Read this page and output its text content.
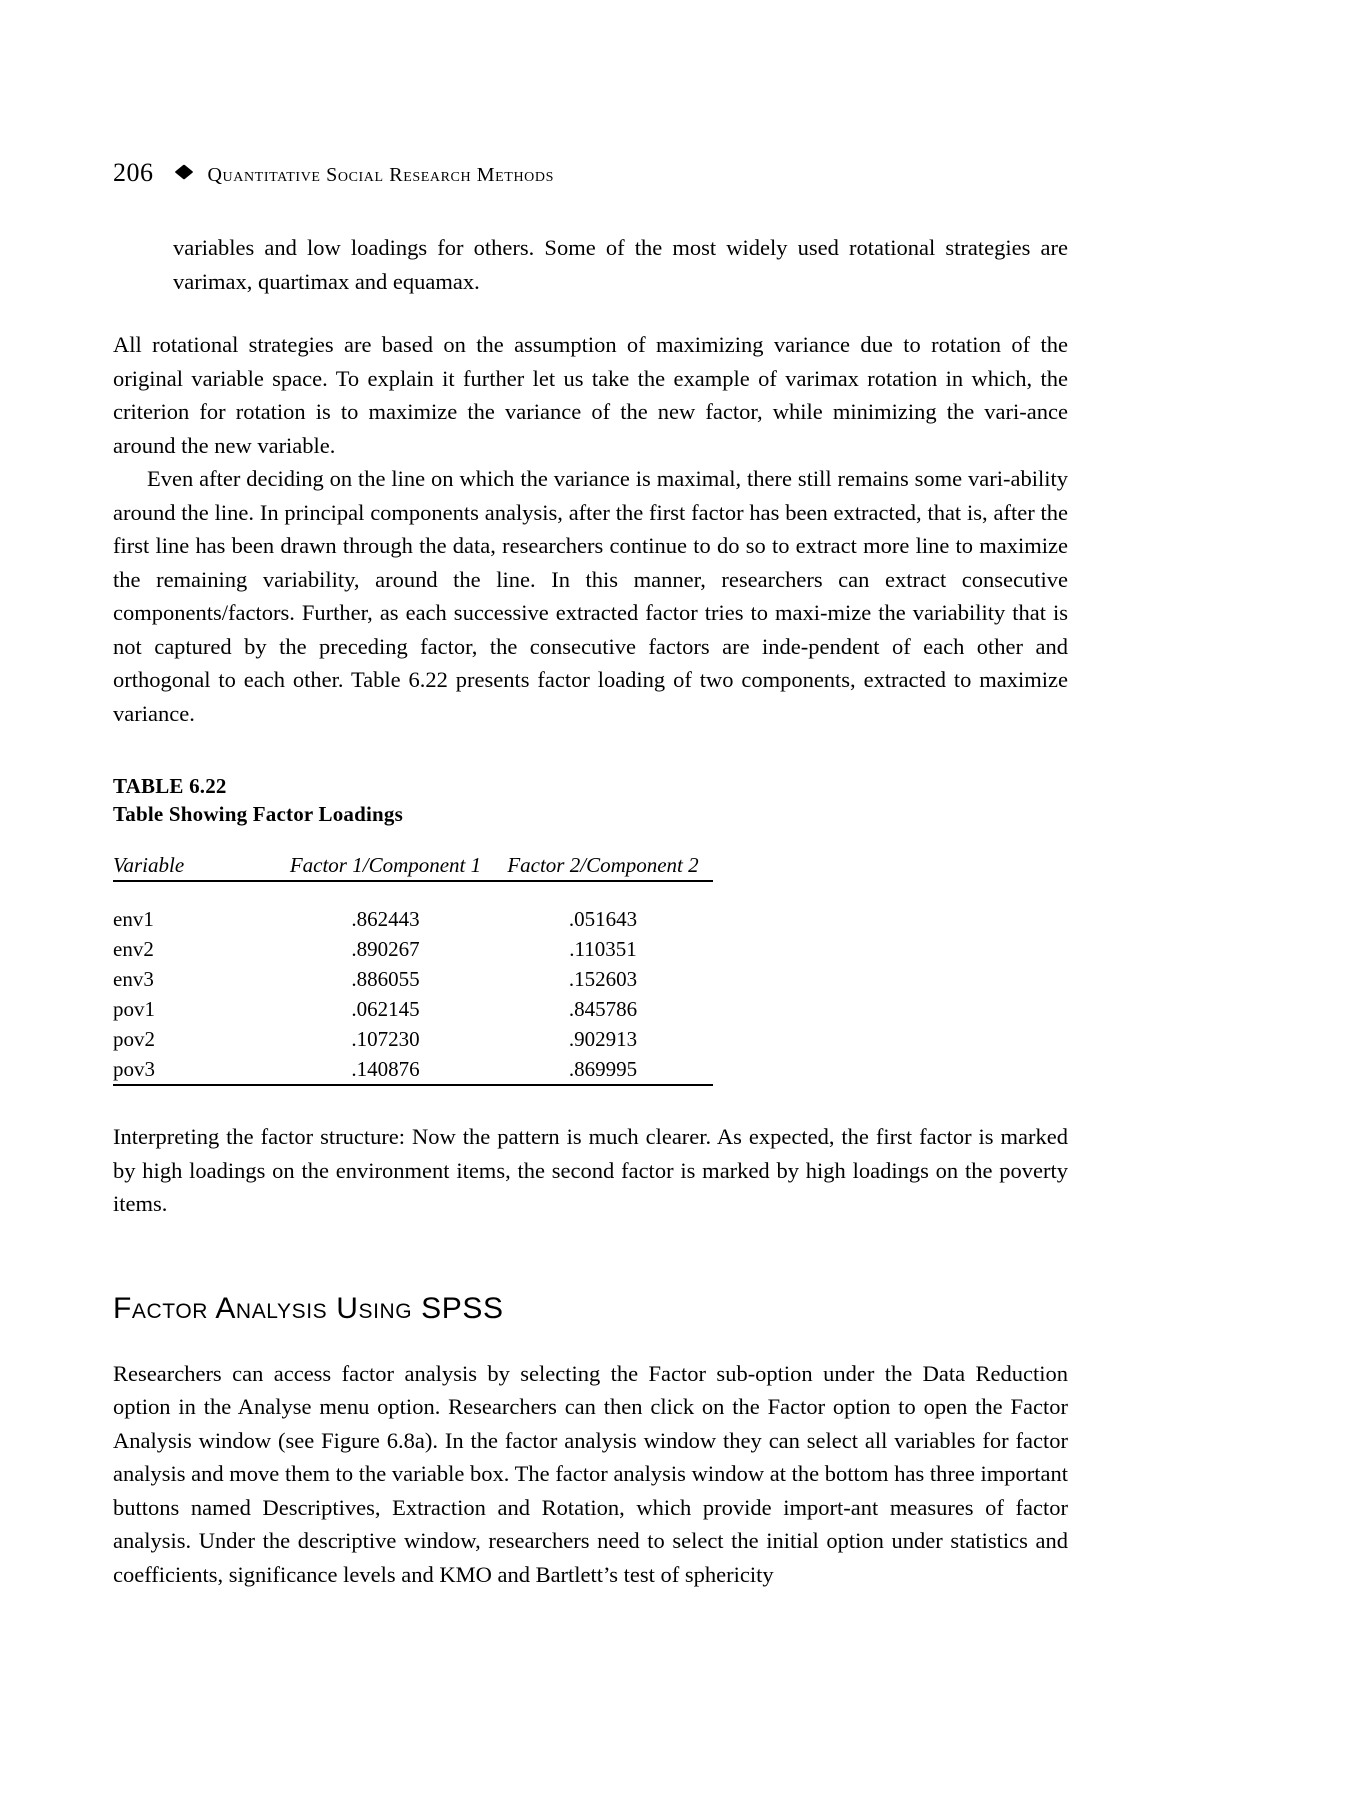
206	Quantitative Social Research Methods

variables and low loadings for others. Some of the most widely used rotational strategies are varimax, quartimax and equamax.

All rotational strategies are based on the assumption of maximizing variance due to rotation of the original variable space. To explain it further let us take the example of varimax rotation in which, the criterion for rotation is to maximize the variance of the new factor, while minimizing the vari-ance around the new variable.

Even after deciding on the line on which the variance is maximal, there still remains some vari-ability around the line. In principal components analysis, after the first factor has been extracted, that is, after the first line has been drawn through the data, researchers continue to do so to extract more line to maximize the remaining variability, around the line. In this manner, researchers can extract consecutive components/factors. Further, as each successive extracted factor tries to maxi-mize the variability that is not captured by the preceding factor, the consecutive factors are inde-pendent of each other and orthogonal to each other. Table 6.22 presents factor loading of two components, extracted to maximize variance.

TABLE 6.22
Table Showing Factor Loadings

Variable	Factor 1/Component 1	Factor 2/Component 2
env1	.862443	.051643
env2	.890267	.110351
env3	.886055	.152603
pov1	.062145	.845786
pov2	.107230	.902913
pov3	.140876	.869995

Interpreting the factor structure: Now the pattern is much clearer. As expected, the first factor is marked by high loadings on the environment items, the second factor is marked by high loadings on the poverty items.

Factor Analysis Using SPSS

Researchers can access factor analysis by selecting the Factor sub-option under the Data Reduction option in the Analyse menu option. Researchers can then click on the Factor option to open the Factor Analysis window (see Figure 6.8a). In the factor analysis window they can select all variables for factor analysis and move them to the variable box. The factor analysis window at the bottom has three important buttons named Descriptives, Extraction and Rotation, which provide import-ant measures of factor analysis. Under the descriptive window, researchers need to select the initial option under statistics and coefficients, significance levels and KMO and Bartlett’s test of sphericity
